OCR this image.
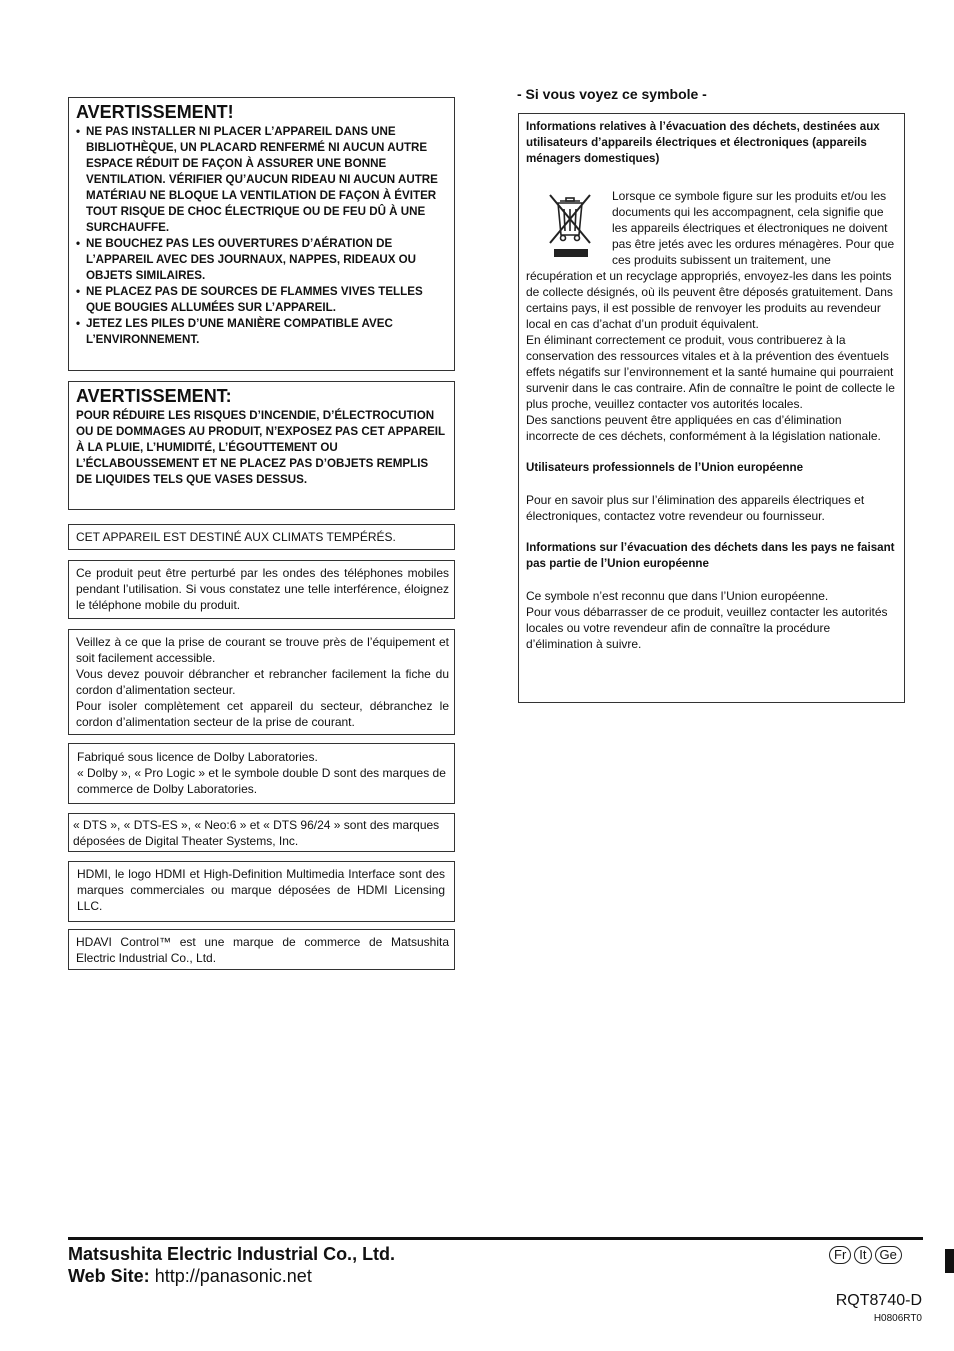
AVERTISSEMENT!
• NE PAS INSTALLER NI PLACER L’APPAREIL DANS UNE BIBLIOTHÈQUE, UN PLACARD RENFERMÉ NI AUCUN AUTRE ESPACE RÉDUIT DE FAÇON À ASSURER UNE BONNE VENTILATION. VÉRIFIER QU’AUCUN RIDEAU NI AUCUN AUTRE MATÉRIAU NE BLOQUE LA VENTILATION DE FAÇON À ÉVITER TOUT RISQUE DE CHOC ÉLECTRIQUE OU DE FEU DÛ À UNE SURCHAUFFE.
• NE BOUCHEZ PAS LES OUVERTURES D’AÉRATION DE L’APPAREIL AVEC DES JOURNAUX, NAPPES, RIDEAUX OU OBJETS SIMILAIRES.
• NE PLACEZ PAS DE SOURCES DE FLAMMES VIVES TELLES QUE BOUGIES ALLUMÉES SUR L’APPAREIL.
• JETEZ LES PILES D’UNE MANIÈRE COMPATIBLE AVEC L’ENVIRONNEMENT.
AVERTISSEMENT:

POUR RÉDUIRE LES RISQUES D’INCENDIE, D’ÉLECTROCUTION OU DE DOMMAGES AU PRODUIT, N’EXPOSEZ PAS CET APPAREIL À LA PLUIE, L’HUMIDITÉ, L’ÉGOUTTEMENT OU L’ÉCLABOUSSEMENT ET NE PLACEZ PAS D’OBJETS REMPLIS DE LIQUIDES TELS QUE VASES DESSUS.

CET APPAREIL EST DESTINÉ AUX CLIMATS TEMPÉRÉS.

Ce produit peut être perturbé par les ondes des téléphones mobiles pendant l’utilisation. Si vous constatez une telle interférence, éloignez le téléphone mobile du produit.

Veillez à ce que la prise de courant se trouve près de l’équipement et soit facilement accessible.

Vous devez pouvoir débrancher et rebrancher facilement la fiche du cordon d’alimentation secteur.

Pour isoler complètement cet appareil du secteur, débranchez le cordon d’alimentation secteur de la prise de courant.

Fabriqué sous licence de Dolby Laboratories.

« Dolby », « Pro Logic » et le symbole double D sont des marques de commerce de Dolby Laboratories.

« DTS », « DTS-ES », « Neo:6 » et « DTS 96/24 » sont des marques déposées de Digital Theater Systems, Inc.

HDMI, le logo HDMI et High-Definition Multimedia Interface sont des marques commerciales ou marque déposées de HDMI Licensing LLC.

HDAVI Control™ est une marque de commerce de Matsushita Electric Industrial Co., Ltd.

- Si vous voyez ce symbole -

Informations relatives à l’évacuation des déchets, destinées aux utilisateurs d’appareils électriques et électroniques (appareils ménagers domestiques)

Lorsque ce symbole figure sur les produits et/ou les documents qui les accompagnent, cela signifie que les appareils électriques et électroniques ne doivent pas être jetés avec les ordures ménagères. Pour que ces produits subissent un traitement, une récupération et un recyclage appropriés, envoyez-les dans les points de collecte désignés, où ils peuvent être déposés gratuitement. Dans certains pays, il est possible de renvoyer les produits au revendeur local en cas d’achat d’un produit équivalent.

En éliminant correctement ce produit, vous contribuerez à la conservation des ressources vitales et à la prévention des éventuels effets négatifs sur l’environnement et la santé humaine qui pourraient survenir dans le cas contraire. Afin de connaître le point de collecte le plus proche, veuillez contacter vos autorités locales.

Des sanctions peuvent être appliquées en cas d’élimination incorrecte de ces déchets, conformément à la législation nationale.

Utilisateurs professionnels de l’Union européenne

Pour en savoir plus sur l’élimination des appareils électriques et électroniques, contactez votre revendeur ou fournisseur.

Informations sur l’évacuation des déchets dans les pays ne faisant pas partie de l’Union européenne

Ce symbole n’est reconnu que dans l’Union européenne.

Pour vous débarrasser de ce produit, veuillez contacter les autorités locales ou votre revendeur afin de connaître la procédure d’élimination à suivre.

Matsushita Electric Industrial Co., Ltd.
Web Site: http://panasonic.net
Fr	It	Ge
RQT8740-D
H0806RT0
